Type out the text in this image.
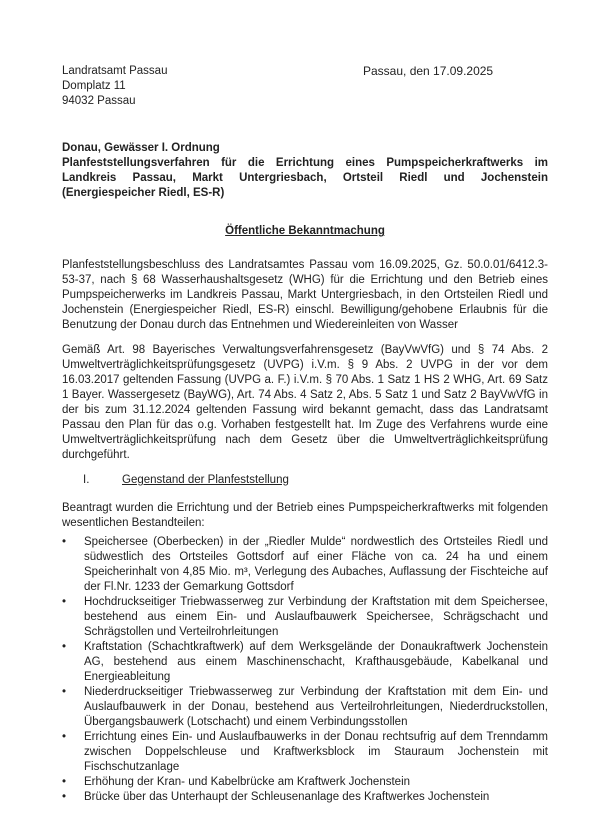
Landratsamt Passau
Domplatz 11
94032 Passau
Passau, den 17.09.2025
Donau, Gewässer I. Ordnung
Planfeststellungsverfahren für die Errichtung eines Pumpspeicherkraftwerks im Landkreis Passau, Markt Untergriesbach, Ortsteil Riedl und Jochenstein (Energiespeicher Riedl, ES-R)
Öffentliche Bekanntmachung
Planfeststellungsbeschluss des Landratsamtes Passau vom 16.09.2025, Gz. 50.0.01/6412.3-53-37, nach § 68 Wasserhaushaltsgesetz (WHG) für die Errichtung und den Betrieb eines Pumpspeicherwerks im Landkreis Passau, Markt Untergriesbach, in den Ortsteilen Riedl und Jochenstein (Energiespeicher Riedl, ES-R) einschl. Bewilligung/gehobene Erlaubnis für die Benutzung der Donau durch das Entnehmen und Wiedereinleiten von Wasser
Gemäß Art. 98 Bayerisches Verwaltungsverfahrensgesetz (BayVwVfG) und § 74 Abs. 2 Umweltverträglichkeitsprüfungsgesetz (UVPG) i.V.m. § 9 Abs. 2 UVPG in der vor dem 16.03.2017 geltenden Fassung (UVPG a. F.) i.V.m. § 70 Abs. 1 Satz 1 HS 2 WHG, Art. 69 Satz 1 Bayer. Wassergesetz (BayWG), Art. 74 Abs. 4 Satz 2, Abs. 5 Satz 1 und Satz 2 BayVwVfG in der bis zum 31.12.2024 geltenden Fassung wird bekannt gemacht, dass das Landratsamt Passau den Plan für das o.g. Vorhaben festgestellt hat. Im Zuge des Verfahrens wurde eine Umweltverträglichkeitsprüfung nach dem Gesetz über die Umweltverträglichkeitsprüfung durchgeführt.
I.	Gegenstand der Planfeststellung
Beantragt wurden die Errichtung und der Betrieb eines Pumpspeicherkraftwerks mit folgenden wesentlichen Bestandteilen:
•	Speichersee (Oberbecken) in der „Riedler Mulde“ nordwestlich des Ortsteiles Riedl und südwestlich des Ortsteiles Gottsdorf auf einer Fläche von ca. 24 ha und einem Speicherinhalt von 4,85 Mio. m³, Verlegung des Aubaches, Auflassung der Fischteiche auf der Fl.Nr. 1233 der Gemarkung Gottsdorf
•	Hochdruckseitiger Triebwasserweg zur Verbindung der Kraftstation mit dem Speichersee, bestehend aus einem Ein- und Auslaufbauwerk Speichersee, Schrägschacht und Schrägstollen und Verteilrohrleitungen
•	Kraftstation (Schachtkraftwerk) auf dem Werksgelände der Donaukraftwerk Jochenstein AG, bestehend aus einem Maschinenschacht, Krafthausgebäude, Kabelkanal und Energieableitung
•	Niederdruckseitiger Triebwasserweg zur Verbindung der Kraftstation mit dem Ein- und Auslaufbauwerk in der Donau, bestehend aus Verteilrohrleitungen, Niederdruckstollen, Übergangsbauwerk (Lotschacht) und einem Verbindungsstollen
•	Errichtung eines Ein- und Auslaufbauwerks in der Donau rechtsufrig auf dem Trenndamm zwischen Doppelschleuse und Kraftwerksblock im Stauraum Jochenstein mit Fischschutzanlage
•	Erhöhung der Kran- und Kabelbrücke am Kraftwerk Jochenstein
•	Brücke über das Unterhaupt der Schleusenanlage des Kraftwerkes Jochenstein
